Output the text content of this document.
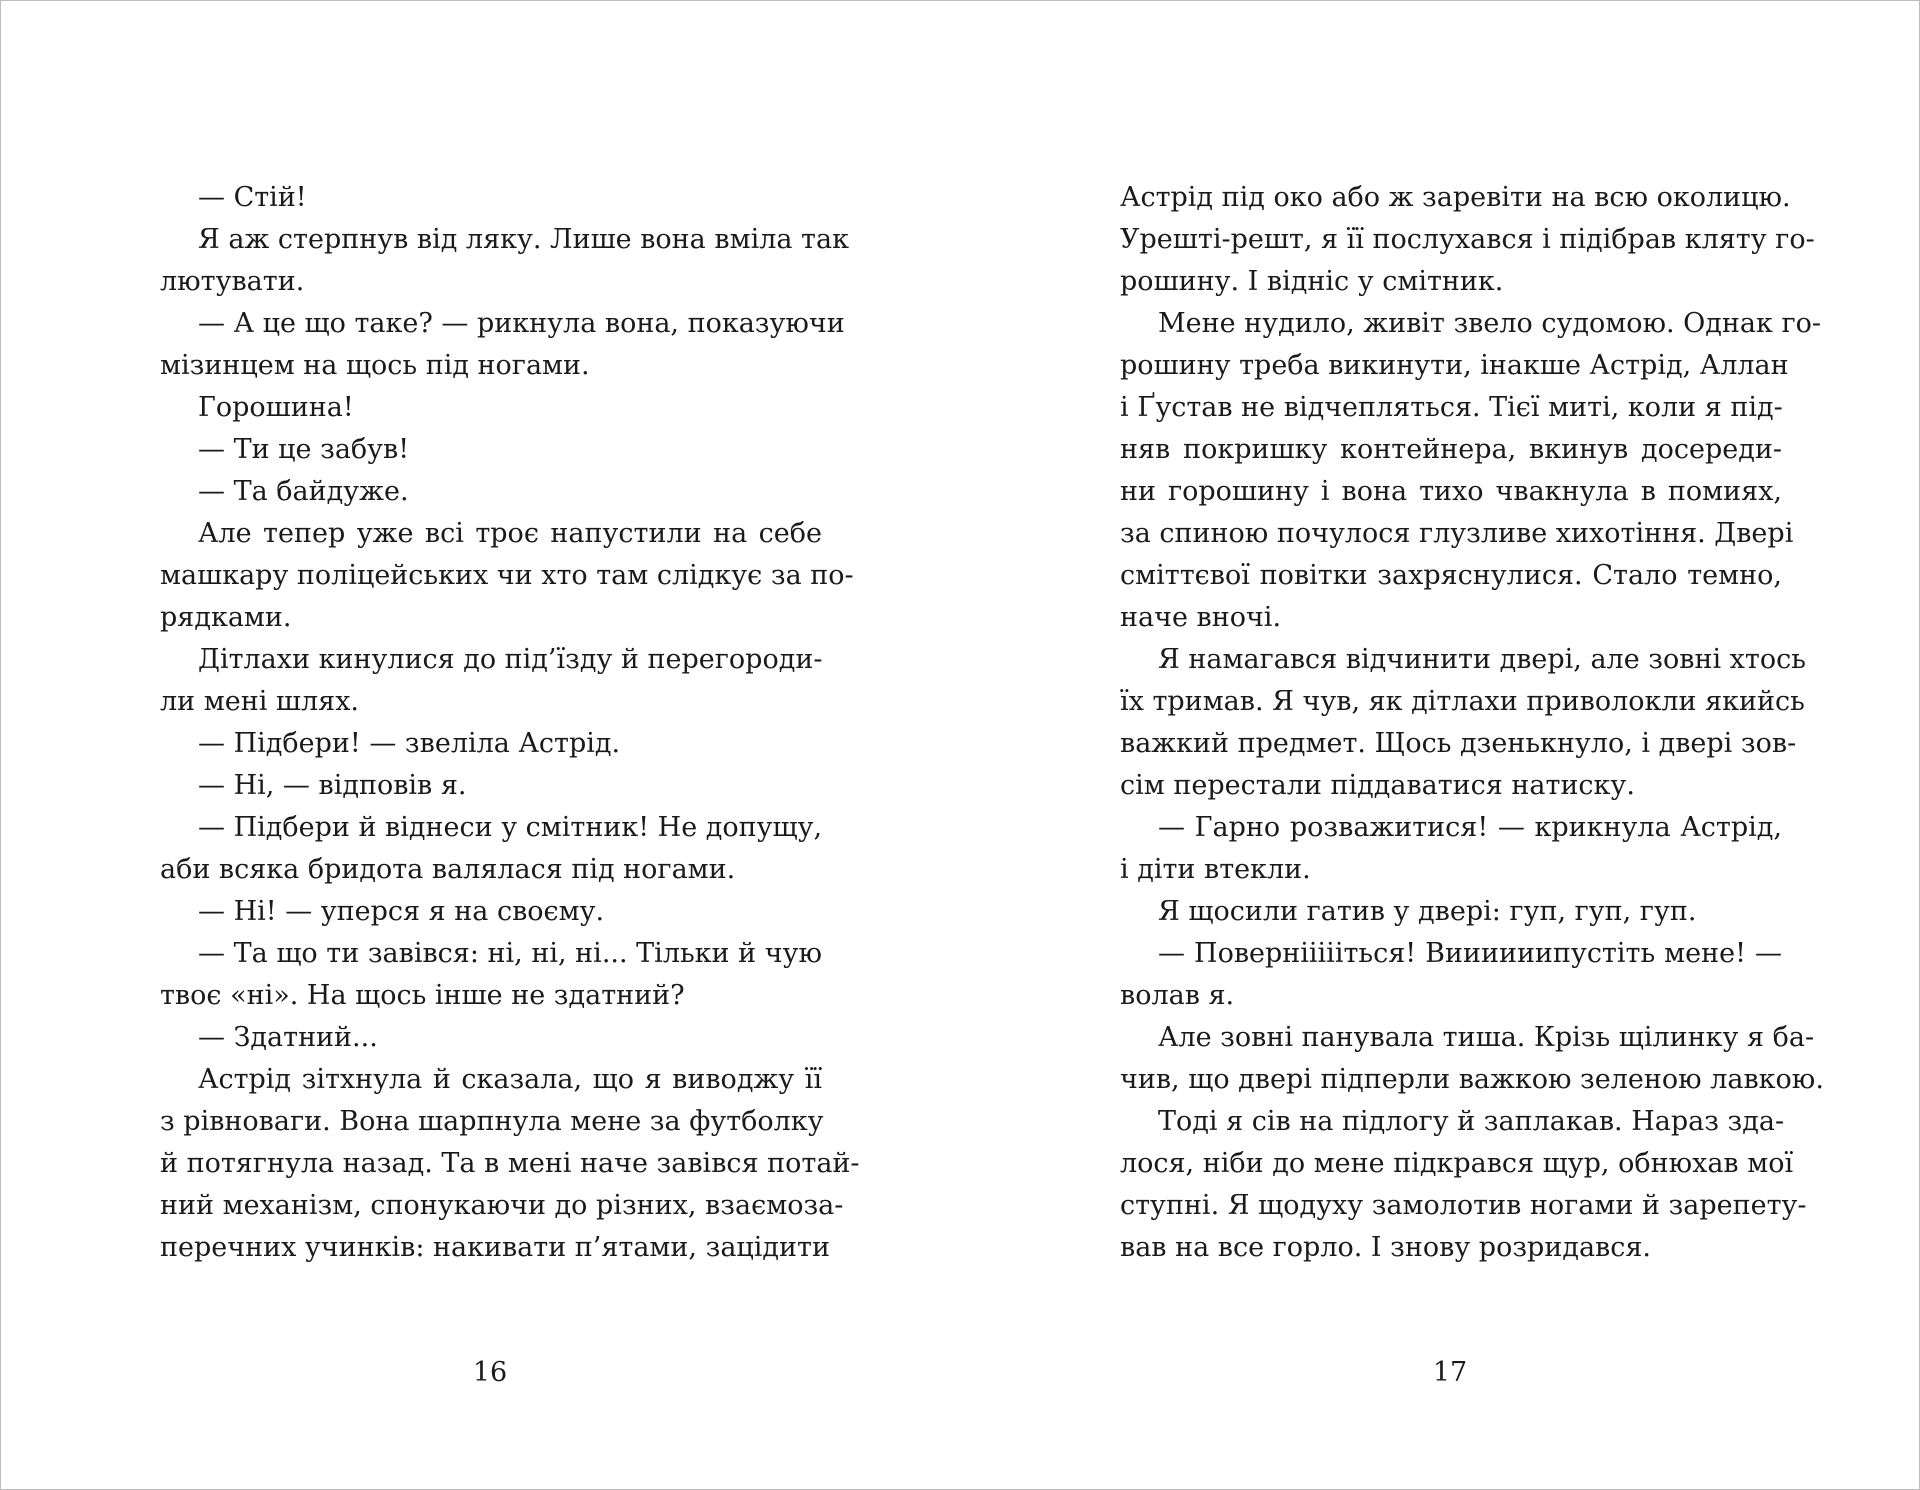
— Стій!
Я аж стерпнув від ляку. Лише вона вміла так
лютувати.
— А це що таке? — рикнула вона, показуючи
мізинцем на щось під ногами.
Горошина!
— Ти це забув!
— Та байдуже.
Але тепер уже всі троє напустили на себе
машкару поліцейських чи хто там слідкує за по-
рядками.
Дітлахи кинулися до під’їзду й перегороди-
ли мені шлях.
— Підбери! — звеліла Астрід.
— Ні, — відповів я.
— Підбери й віднеси у смітник! Не допущу,
аби всяка бридота валялася під ногами.
— Ні! — уперся я на своєму.
— Та що ти завівся: ні, ні, ні... Тільки й чую
твоє «ні». На щось інше не здатний?
— Здатний...
Астрід зітхнула й сказала, що я виводжу її
з рівноваги. Вона шарпнула мене за футболку
й потягнула назад. Та в мені наче завівся потай-
ний механізм, спонукаючи до різних, взаємоза-
перечних учинків: накивати п’ятами, зацідити
Астрід під око або ж заревіти на всю околицю.
Урешті-решт, я її послухався і підібрав кляту го-
рошину. І відніс у смітник.
Мене нудило, живіт звело судомою. Однак го-
рошину треба викинути, інакше Астрід, Аллан
і Ґустав не відчепляться. Тієї миті, коли я під-
няв покришку контейнера, вкинув досереди-
ни горошину і вона тихо чвакнула в помиях,
за спиною почулося глузливе хихотіння. Двері
сміттєвої повітки захряснулися. Стало темно,
наче вночі.
Я намагався відчинити двері, але зовні хтось
їх тримав. Я чув, як дітлахи приволокли якийсь
важкий предмет. Щось дзенькнуло, і двері зов-
сім перестали піддаватися натиску.
— Гарно розважитися! — крикнула Астрід,
і діти втекли.
Я щосили гатив у двері: гуп, гуп, гуп.
— Поверніііііться! Виииииипустіть мене! —
волав я.
Але зовні панувала тиша. Крізь щілинку я ба-
чив, що двері підперли важкою зеленою лавкою.
Тоді я сів на підлогу й заплакав. Нараз зда-
лося, ніби до мене підкрався щур, обнюхав мої
ступні. Я щодуху замолотив ногами й зарепету-
вав на все горло. І знову розридався.
16	17
